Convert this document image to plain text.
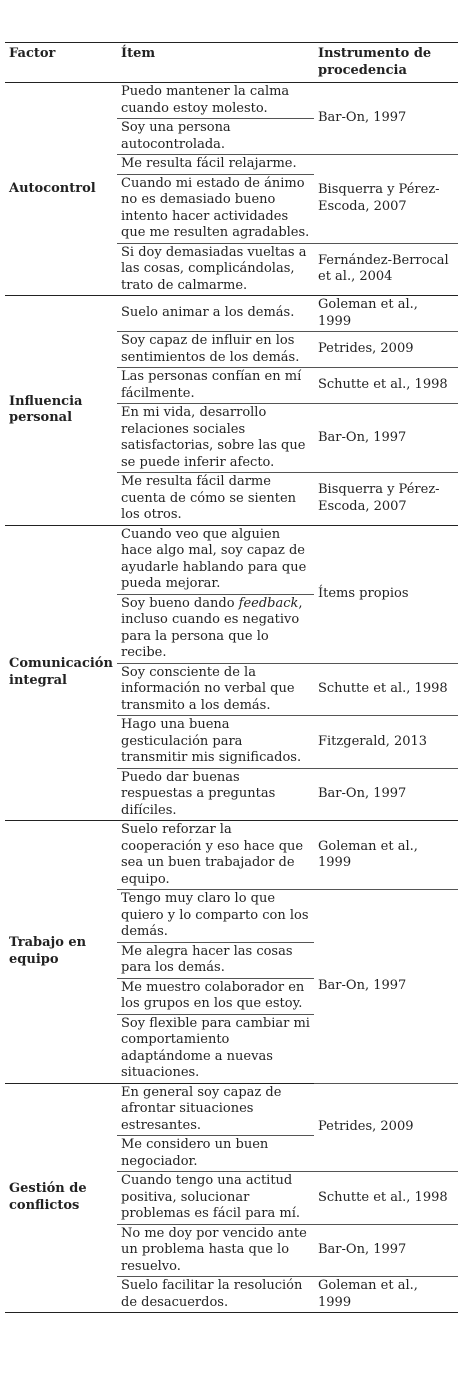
Factor	Ítem	Instrumento de procedencia
Autocontrol	Puedo mantener la calma cuando estoy molesto.	Bar-On, 1997
	Soy una persona autocontrolada.	
	Me resulta fácil relajarme.	Bisquerra y Pérez-Escoda, 2007
	Cuando mi estado de ánimo no es demasiado bueno intento hacer actividades que me resulten agradables.	
	Si doy demasiadas vueltas a las cosas, complicándolas, trato de calmarme.	Fernández-Berrocal et al., 2004
Influencia personal	Suelo animar a los demás.	Goleman et al., 1999
	Soy capaz de influir en los sentimientos de los demás.	Petrides, 2009
	Las personas confían en mí fácilmente.	Schutte et al., 1998
	En mi vida, desarrollo relaciones sociales satisfactorias, sobre las que se puede inferir afecto.	Bar-On, 1997
	Me resulta fácil darme cuenta de cómo se sienten los otros.	Bisquerra y Pérez-Escoda, 2007
Comunicación integral	Cuando veo que alguien hace algo mal, soy capaz de ayudarle hablando para que pueda mejorar.	Ítems propios
	Soy bueno dando feedback, incluso cuando es negativo para la persona que lo recibe.	
	Soy consciente de la información no verbal que transmito a los demás.	Schutte et al., 1998
	Hago una buena gesticulación para transmitir mis significados.	Fitzgerald, 2013
	Puedo dar buenas respuestas a preguntas difíciles.	Bar-On, 1997
Trabajo en equipo	Suelo reforzar la cooperación y eso hace que sea un buen trabajador de equipo.	Goleman et al., 1999
	Tengo muy claro lo que quiero y lo comparto con los demás.	Bar-On, 1997
	Me alegra hacer las cosas para los demás.	
	Me muestro colaborador en los grupos en los que estoy.	
	Soy flexible para cambiar mi comportamiento adaptándome a nuevas situaciones.	
Gestión de conflictos	En general soy capaz de afrontar situaciones estresantes.	Petrides, 2009
	Me considero un buen negociador.	
	Cuando tengo una actitud positiva, solucionar problemas es fácil para mí.	Schutte et al., 1998
	No me doy por vencido ante un problema hasta que lo resuelvo.	Bar-On, 1997
	Suelo facilitar la resolución de desacuerdos.	Goleman et al., 1999
